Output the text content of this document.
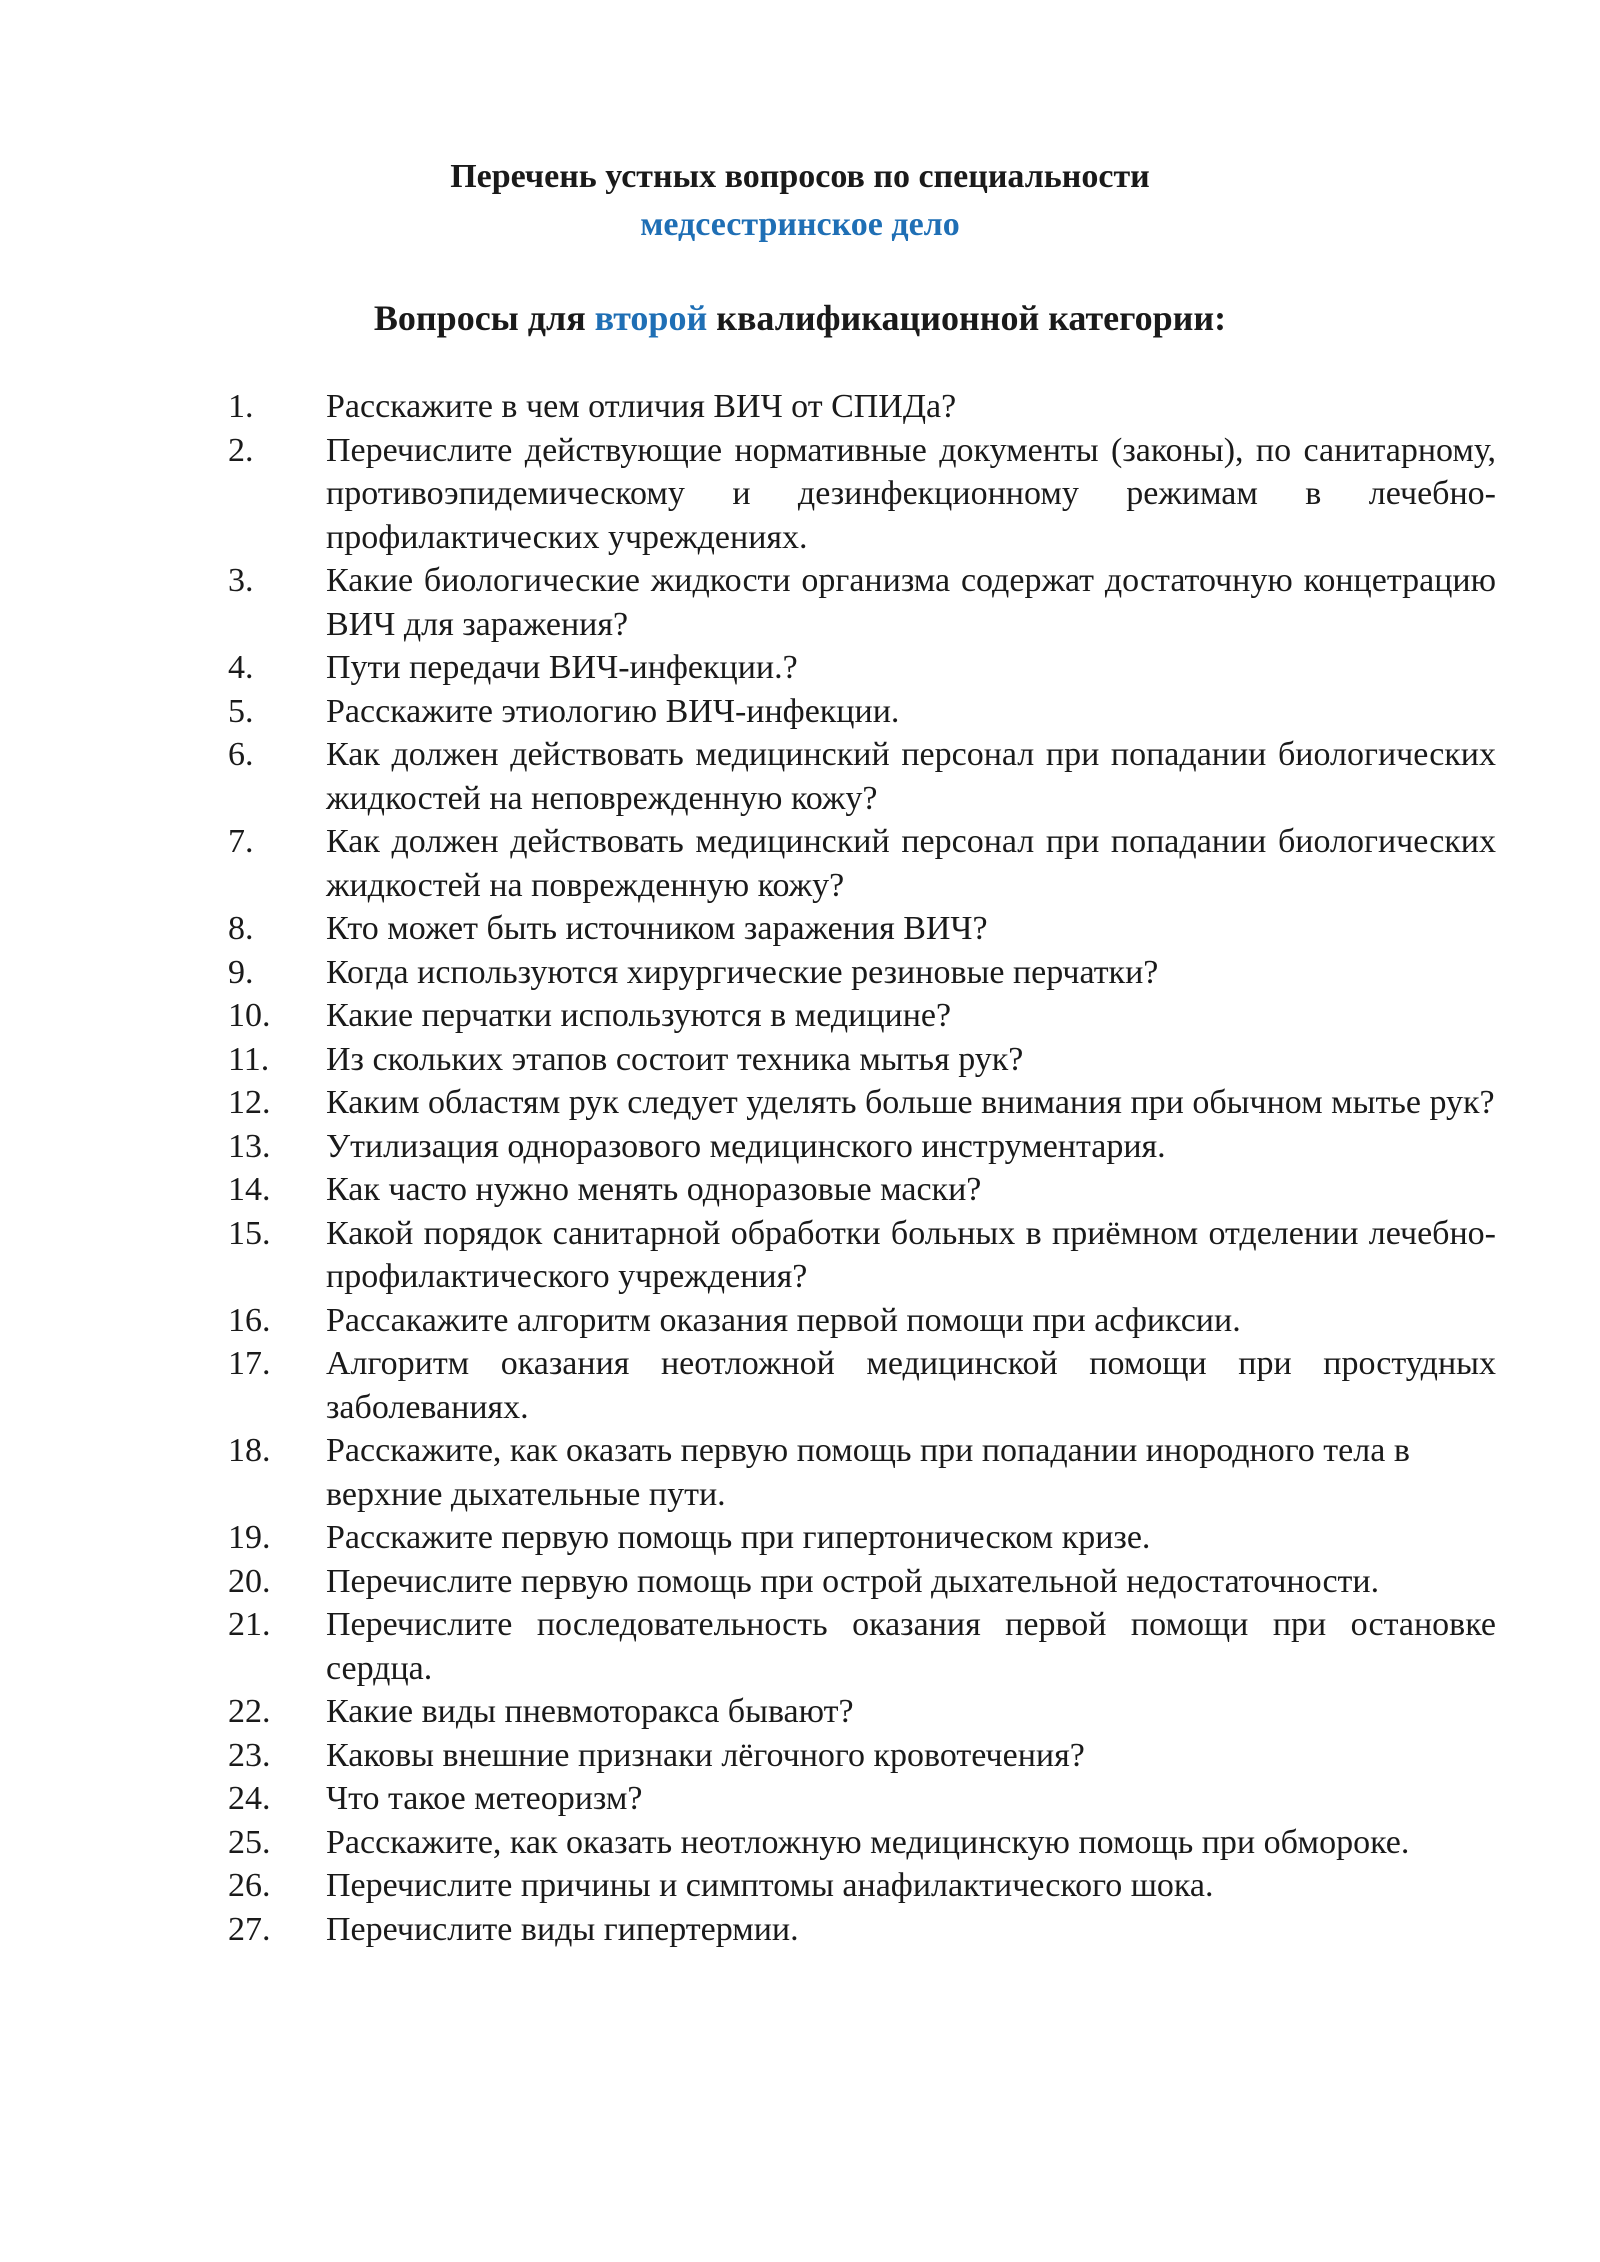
Перечень устных вопросов по специальности
медсестринское дело
Вопросы для второй квалификационной категории:
1.	Расскажите в чем отличия ВИЧ от СПИДа?
2.	Перечислите действующие нормативные документы (законы), по санитарному, противоэпидемическому и дезинфекционному режимам в лечебно-профилактических учреждениях.
3.	Какие биологические жидкости организма содержат достаточную концетрацию ВИЧ для заражения?
4.	Пути передачи ВИЧ-инфекции.?
5.	Расскажите этиологию ВИЧ-инфекции.
6.	Как должен действовать медицинский персонал при попадании биологических жидкостей на неповрежденную кожу?
7.	Как должен действовать медицинский персонал при попадании биологических жидкостей на поврежденную кожу?
8.	Кто может быть источником заражения ВИЧ?
9.	Когда используются хирургические резиновые перчатки?
10.	Какие перчатки используются в медицине?
11.	Из скольких этапов состоит техника мытья рук?
12.	Каким областям рук следует уделять больше внимания при обычном мытье рук?
13.	Утилизация одноразового медицинского инструментария.
14.	Как часто нужно менять одноразовые маски?
15.	Какой порядок санитарной обработки больных в приёмном отделении лечебно-профилактического учреждения?
16.	Рассакажите алгоритм оказания первой помощи при асфиксии.
17.	Алгоритм оказания неотложной медицинской помощи при простудных заболеваниях.
18.	Расскажите, как оказать первую помощь при попадании инородного тела в верхние дыхательные пути.
19.	Расскажите первую помощь при гипертоническом кризе.
20.	Перечислите первую помощь при острой дыхательной недостаточности.
21.	Перечислите последовательность оказания первой помощи при остановке сердца.
22.	Какие виды пневмоторакса бывают?
23.	Каковы внешние признаки лёгочного кровотечения?
24.	Что такое метеоризм?
25.	Расскажите, как оказать неотложную медицинскую помощь при обмороке.
26.	Перечислите причины и симптомы анафилактического шока.
27.	Перечислите виды гипертермии.
